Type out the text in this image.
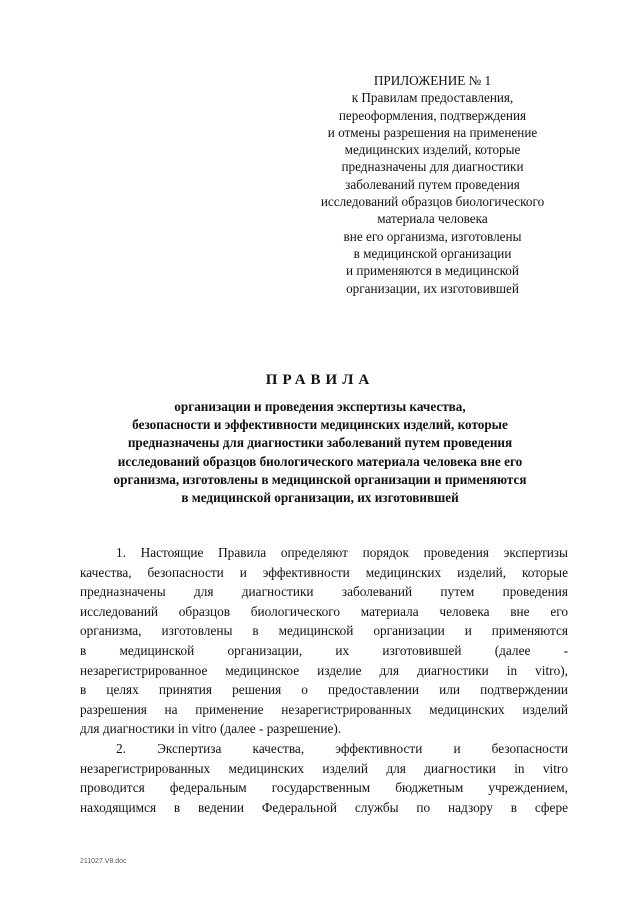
ПРИЛОЖЕНИЕ № 1
к Правилам предоставления,
переоформления, подтверждения
и отмены разрешения на применение
медицинских изделий, которые
предназначены для диагностики
заболеваний путем проведения
исследований образцов биологического
материала человека
вне его организма, изготовлены
в медицинской организации
и применяются в медицинской
организации, их изготовившей
ПРАВИЛА
организации и проведения экспертизы качества,
безопасности и эффективности медицинских изделий, которые
предназначены для диагностики заболеваний путем проведения
исследований образцов биологического материала человека вне его
организма, изготовлены в медицинской организации и применяются
в медицинской организации, их изготовившей
1. Настоящие Правила определяют порядок проведения экспертизы
качества, безопасности и эффективности медицинских изделий, которые
предназначены для диагностики заболеваний путем проведения
исследований образцов биологического материала человека вне его
организма, изготовлены в медицинской организации и применяются
в медицинской организации, их изготовившей (далее -
незарегистрированное медицинское изделие для диагностики in vitro),
в целях принятия решения о предоставлении или подтверждении
разрешения на применение незарегистрированных медицинских изделий
для диагностики in vitro (далее - разрешение).
2. Экспертиза качества, эффективности и безопасности
незарегистрированных медицинских изделий для диагностики in vitro
проводится федеральным государственным бюджетным учреждением,
находящимся в ведении Федеральной службы по надзору в сфере
211027.V8.doc
